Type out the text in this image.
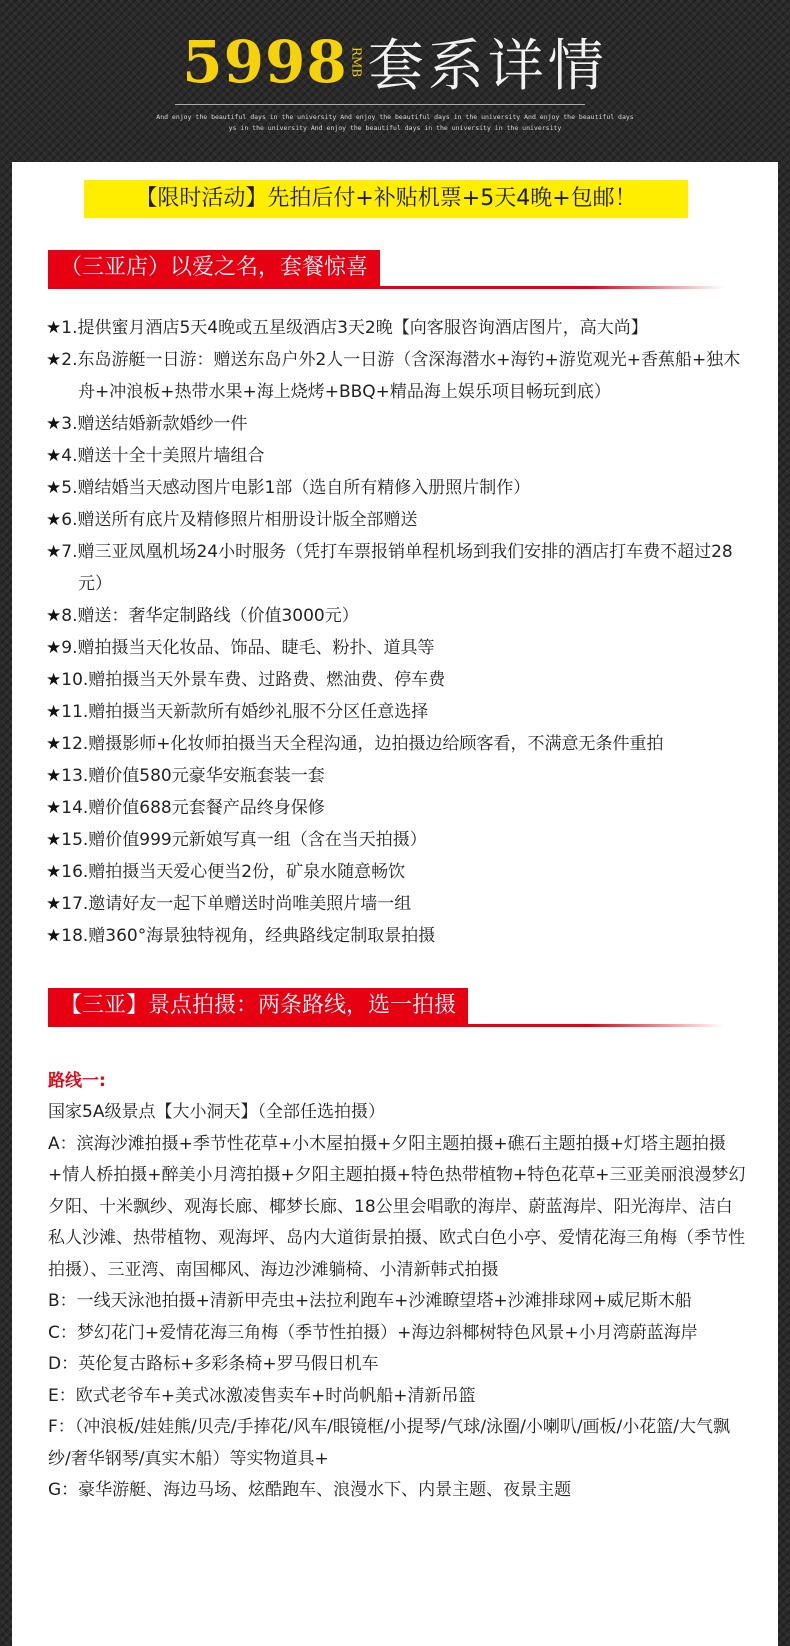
5998 RMB套系详情
And enjoy the beautiful days in the university And enjoy the beautiful days in the university And enjoy the beautiful days
ys in the university And enjoy the beautiful days in the university in the university
【限时活动】先拍后付+补贴机票+5天4晚+包邮！
（三亚店）以爱之名，套餐惊喜
★1.提供蜜月酒店5天4晚或五星级酒店3天2晚【向客服咨询酒店图片，高大尚】
★2.东岛游艇一日游：赠送东岛户外2人一日游（含深海潜水+海钓+游览观光+香蕉船+独木舟+冲浪板+热带水果+海上烧烤+BBQ+精品海上娱乐项目畅玩到底）
★3.赠送结婚新款婚纱一件
★4.赠送十全十美照片墙组合
★5.赠结婚当天感动图片电影1部（选自所有精修入册照片制作）
★6.赠送所有底片及精修照片相册设计版全部赠送
★7.赠三亚凤凰机场24小时服务（凭打车票报销单程机场到我们安排的酒店打车费不超过28元）
★8.赠送：奢华定制路线（价值3000元）
★9.赠拍摄当天化妆品、饰品、睫毛、粉扑、道具等
★10.赠拍摄当天外景车费、过路费、燃油费、停车费
★11.赠拍摄当天新款所有婚纱礼服不分区任意选择
★12.赠摄影师+化妆师拍摄当天全程沟通，边拍摄边给顾客看，不满意无条件重拍
★13.赠价值580元豪华安瓶套装一套
★14.赠价值688元套餐产品终身保修
★15.赠价值999元新娘写真一组（含在当天拍摄）
★16.赠拍摄当天爱心便当2份，矿泉水随意畅饮
★17.邀请好友一起下单赠送时尚唯美照片墙一组
★18.赠360°海景独特视角，经典路线定制取景拍摄
【三亚】景点拍摄：两条路线，选一拍摄
路线一:

国家5A级景点【大小洞天】（全部任选拍摄）

A：滨海沙滩拍摄+季节性花草+小木屋拍摄+夕阳主题拍摄+礁石主题拍摄+灯塔主题拍摄+情人桥拍摄+醉美小月湾拍摄+夕阳主题拍摄+特色热带植物+特色花草+三亚美丽浪漫梦幻夕阳、十米飘纱、观海长廊、椰梦长廊、18公里会唱歌的海岸、蔚蓝海岸、阳光海岸、洁白私人沙滩、热带植物、观海坪、岛内大道街景拍摄、欧式白色小亭、爱情花海三角梅（季节性拍摄）、三亚湾、南国椰风、海边沙滩躺椅、小清新韩式拍摄

B：一线天泳池拍摄+清新甲壳虫+法拉利跑车+沙滩瞭望塔+沙滩排球网+威尼斯木船

C：梦幻花门+爱情花海三角梅（季节性拍摄）+海边斜椰树特色风景+小月湾蔚蓝海岸

D：英伦复古路标+多彩条椅+罗马假日机车

E：欧式老爷车+美式冰激凌售卖车+时尚帆船+清新吊篮

F：（冲浪板/娃娃熊/贝壳/手捧花/风车/眼镜框/小提琴/气球/泳圈/小喇叭/画板/小花篮/大气飘纱/奢华钢琴/真实木船）等实物道具+

G：豪华游艇、海边马场、炫酷跑车、浪漫水下、内景主题、夜景主题
